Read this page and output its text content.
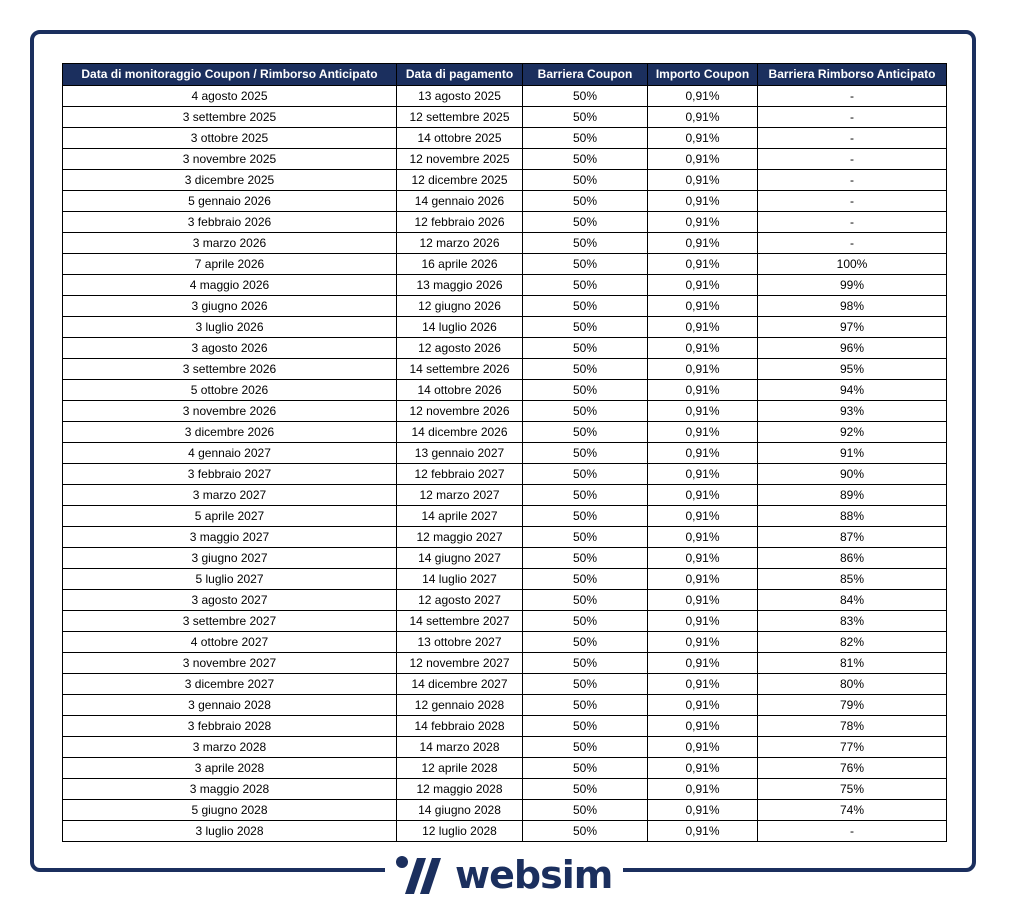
Data di monitoraggio Coupon / Rimborso Anticipato	Data di pagamento	Barriera Coupon	Importo Coupon	Barriera Rimborso Anticipato
4 agosto 2025	13 agosto 2025	50%	0,91%	-
3 settembre 2025	12 settembre 2025	50%	0,91%	-
3 ottobre 2025	14 ottobre 2025	50%	0,91%	-
3 novembre 2025	12 novembre 2025	50%	0,91%	-
3 dicembre 2025	12 dicembre 2025	50%	0,91%	-
5 gennaio 2026	14 gennaio 2026	50%	0,91%	-
3 febbraio 2026	12 febbraio 2026	50%	0,91%	-
3 marzo 2026	12 marzo 2026	50%	0,91%	-
7 aprile 2026	16 aprile 2026	50%	0,91%	100%
4 maggio 2026	13 maggio 2026	50%	0,91%	99%
3 giugno 2026	12 giugno 2026	50%	0,91%	98%
3 luglio 2026	14 luglio 2026	50%	0,91%	97%
3 agosto 2026	12 agosto 2026	50%	0,91%	96%
3 settembre 2026	14 settembre 2026	50%	0,91%	95%
5 ottobre 2026	14 ottobre 2026	50%	0,91%	94%
3 novembre 2026	12 novembre 2026	50%	0,91%	93%
3 dicembre 2026	14 dicembre 2026	50%	0,91%	92%
4 gennaio 2027	13 gennaio 2027	50%	0,91%	91%
3 febbraio 2027	12 febbraio 2027	50%	0,91%	90%
3 marzo 2027	12 marzo 2027	50%	0,91%	89%
5 aprile 2027	14 aprile 2027	50%	0,91%	88%
3 maggio 2027	12 maggio 2027	50%	0,91%	87%
3 giugno 2027	14 giugno 2027	50%	0,91%	86%
5 luglio 2027	14 luglio 2027	50%	0,91%	85%
3 agosto 2027	12 agosto 2027	50%	0,91%	84%
3 settembre 2027	14 settembre 2027	50%	0,91%	83%
4 ottobre 2027	13 ottobre 2027	50%	0,91%	82%
3 novembre 2027	12 novembre 2027	50%	0,91%	81%
3 dicembre 2027	14 dicembre 2027	50%	0,91%	80%
3 gennaio 2028	12 gennaio 2028	50%	0,91%	79%
3 febbraio 2028	14 febbraio 2028	50%	0,91%	78%
3 marzo 2028	14 marzo 2028	50%	0,91%	77%
3 aprile 2028	12 aprile 2028	50%	0,91%	76%
3 maggio 2028	12 maggio 2028	50%	0,91%	75%
5 giugno 2028	14 giugno 2028	50%	0,91%	74%
3 luglio 2028	12 luglio 2028	50%	0,91%	-
websim
